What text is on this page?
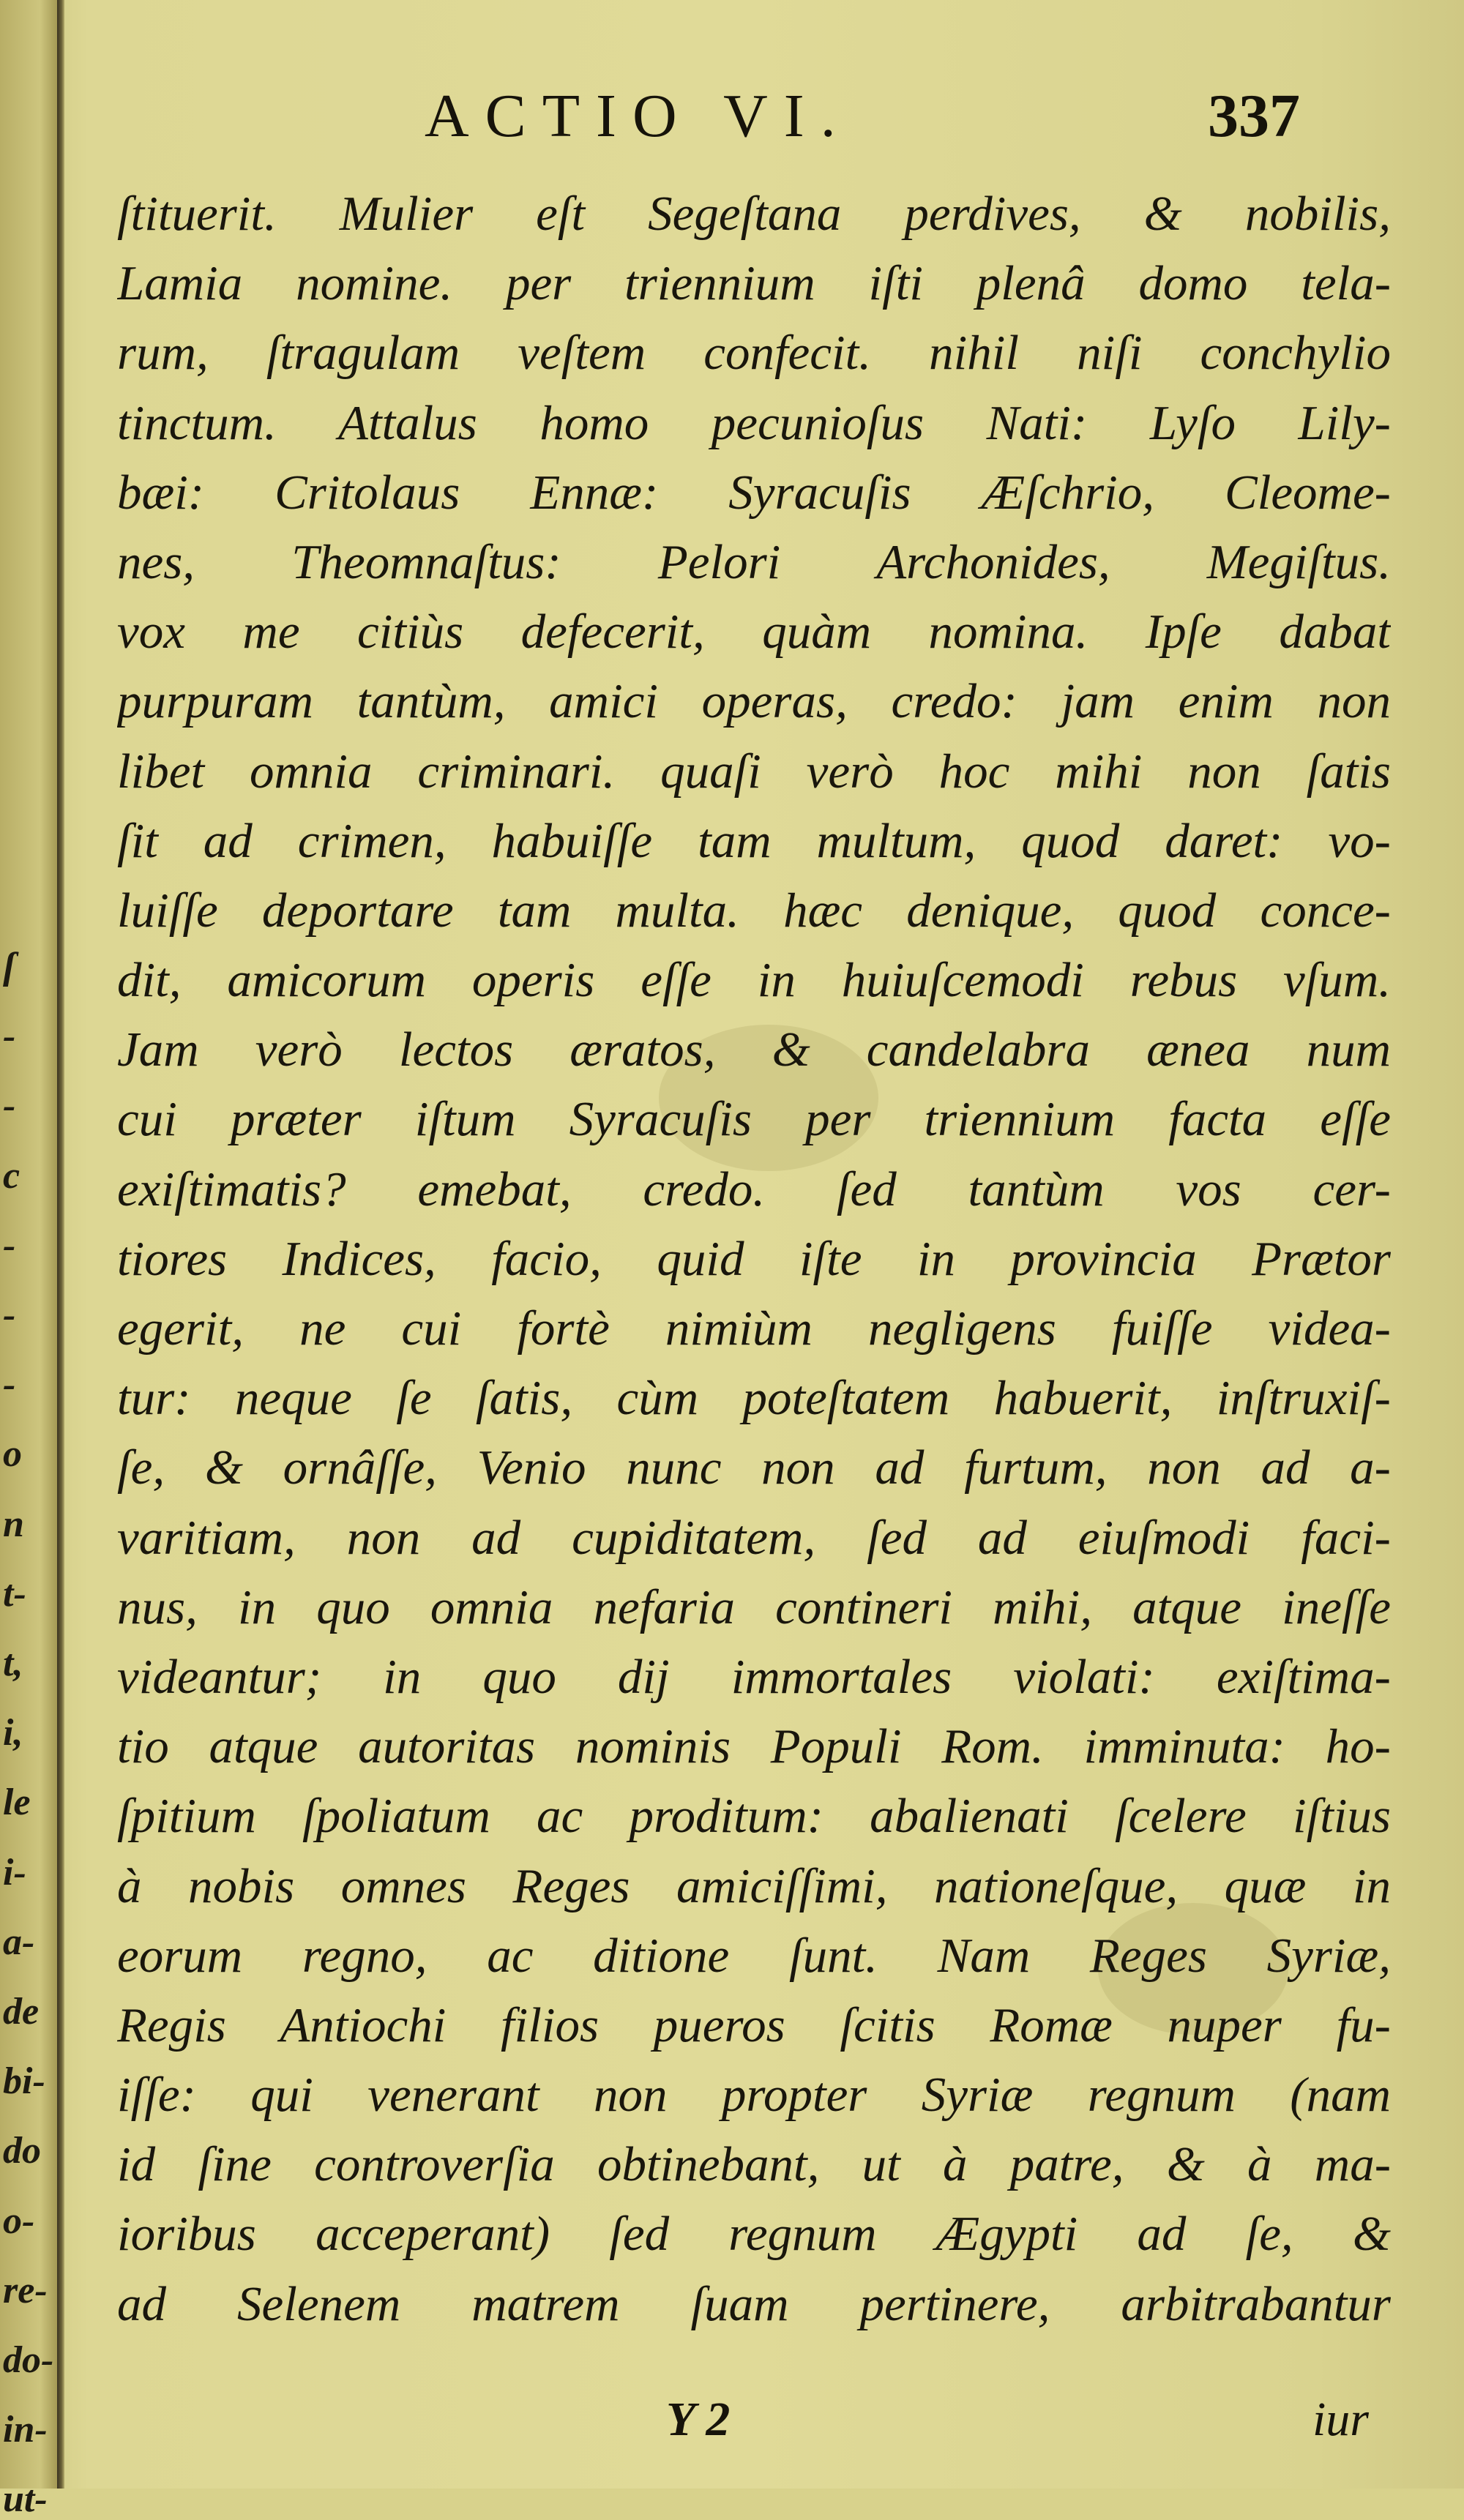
ſ
-
-
c
-
-
-
o
n
t-
t,
i,
le
i-
a-
de
bi-
do
o-
re-
do-
in-
ut-
ACTIO VI.	337
ſtituerit. Mulier eſt Segeſtana perdives, & nobilis,
Lamia nomine. per triennium iſti plenâ domo tela-
rum, ſtragulam veſtem confecit. nihil niſi conchylio
tinctum. Attalus homo pecunioſus Nati: Lyſo Lily-
bæi: Critolaus Ennæ: Syracuſis Æſchrio, Cleome-
nes, Theomnaſtus: Pelori Archonides, Megiſtus.
vox me citiùs defecerit, quàm nomina. Ipſe dabat
purpuram tantùm, amici operas, credo: jam enim non
libet omnia criminari. quaſi verò hoc mihi non ſatis
ſit ad crimen, habuiſſe tam multum, quod daret: vo-
luiſſe deportare tam multa. hæc denique, quod conce-
dit, amicorum operis eſſe in huiuſcemodi rebus vſum.
Jam verò lectos æratos, & candelabra ænea num
cui præter iſtum Syracuſis per triennium facta eſſe
exiſtimatis? emebat, credo. ſed tantùm vos cer-
tiores Indices, facio, quid iſte in provincia Prætor
egerit, ne cui fortè nimiùm negligens fuiſſe videa-
tur: neque ſe ſatis, cùm poteſtatem habuerit, inſtruxiſ-
ſe, & ornâſſe, Venio nunc non ad furtum, non ad a-
varitiam, non ad cupiditatem, ſed ad eiuſmodi faci-
nus, in quo omnia nefaria contineri mihi, atque ineſſe
videantur; in quo dij immortales violati: exiſtima-
tio atque autoritas nominis Populi Rom. imminuta: ho-
ſpitium ſpoliatum ac proditum: abalienati ſcelere iſtius
à nobis omnes Reges amiciſſimi, nationeſque, quæ in
eorum regno, ac ditione ſunt. Nam Reges Syriæ,
Regis Antiochi filios pueros ſcitis Romæ nuper fu-
iſſe: qui venerant non propter Syriæ regnum (nam
id ſine controverſia obtinebant, ut à patre, & à ma-
ioribus acceperant) ſed regnum Ægypti ad ſe, &
ad Selenem matrem ſuam pertinere, arbitrabantur
Y 2	iur
